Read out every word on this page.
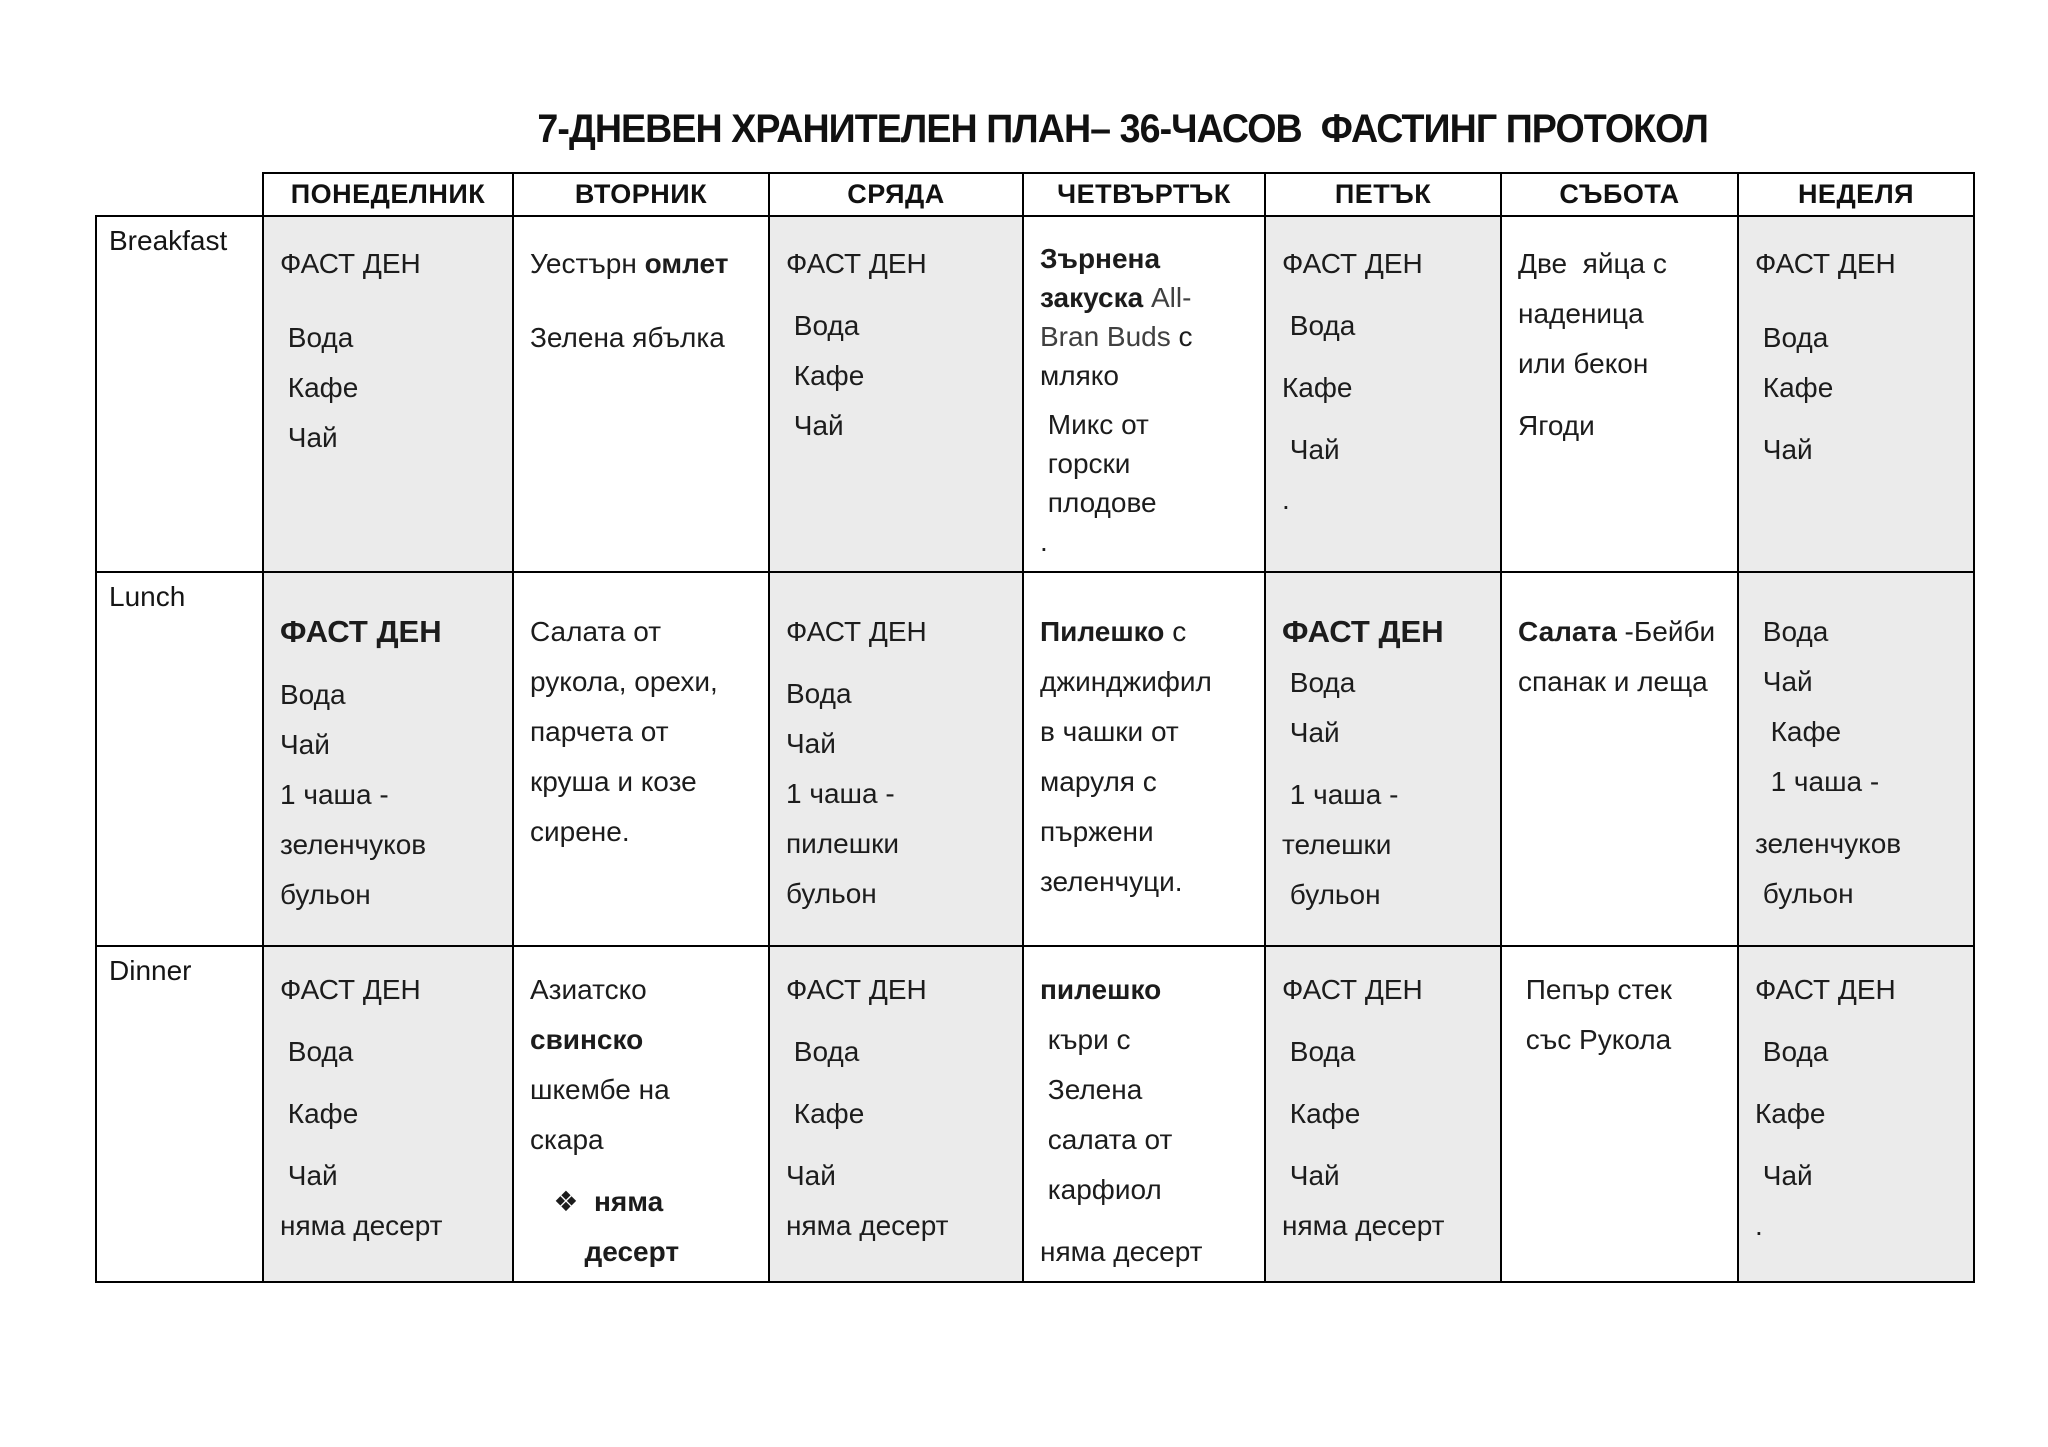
7-ДНЕВЕН ХРАНИТЕЛЕН ПЛАН– 36-ЧАСОВ  ФАСТИНГ ПРОТОКОЛ
	ПОНЕДЕЛНИК	ВТОРНИК	СРЯДА	ЧЕТВЪРТЪК	ПЕТЪК	СЪБОТА	НЕДЕЛЯ
Breakfast	
ФАСТ ДЕН
Вода
Кафе
Чай

Уестърн омлет
Зелена ябълка

ФАСТ ДЕН
Вода
Кафе
Чай

Зърнена
закуска All-
Bran Buds с
мляко
Микс от
горски
плодове
.

ФАСТ ДЕН
Вода
Кафе
Чай
.

Две  яйца с
наденица
или бекон
Ягоди

ФАСТ ДЕН
Вода
Кафе
Чай

Lunch	
ФАСТ ДЕН
Вода
Чай
1 чаша -
зеленчуков
бульон

Салата от
рукола, орехи,
парчета от
круша и козе
сирене.

ФАСТ ДЕН
Вода
Чай
1 чаша -
пилешки
бульон

Пилешко с
джинджифил
в чашки от
маруля с
пържени
зеленчуци.

ФАСТ ДЕН
Вода
Чай
1 чаша -
телешки
бульон

Салата -Бейби
спанак и леща

Вода
Чай
Кафе
1 чаша -
зеленчуков
бульон

Dinner	
ФАСТ ДЕН
Вода
Кафе
Чай
няма десерт

Азиатско
свинско
шкембе на
скара
❖  няма
десерт

ФАСТ ДЕН
Вода
Кафе
Чай
няма десерт

пилешко
къри с
Зелена
салата от
карфиол
няма десерт

ФАСТ ДЕН
Вода
Кафе
Чай
няма десерт

Пепър стек
със Рукола

ФАСТ ДЕН
Вода
Кафе
Чай
.
